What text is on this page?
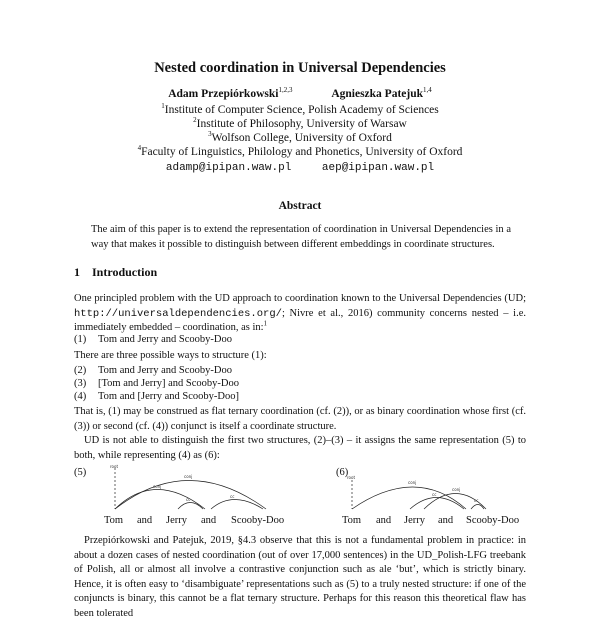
Nested coordination in Universal Dependencies
Adam Przepiórkowski$^{1,2,3}$	Agnieszka Patejuk$^{1,4}$
$^1$Institute of Computer Science, Polish Academy of Sciences
$^2$Institute of Philosophy, University of Warsaw
$^3$Wolfson College, University of Oxford
$^4$Faculty of Linguistics, Philology and Phonetics, University of Oxford
adamp@ipipan.waw.pl	aep@ipipan.waw.pl
Abstract
The aim of this paper is to extend the representation of coordination in Universal Dependencies in a way that makes it possible to distinguish between different embeddings in coordinate structures.
1 Introduction
One principled problem with the UD approach to coordination known to the Universal Dependencies (UD; http://universaldependencies.org/; Nivre et al., 2016) community concerns nested – i.e. immediately embedded – coordination, as in:$^1$
(1) Tom and Jerry and Scooby-Doo
There are three possible ways to structure (1):
(2) Tom and Jerry and Scooby-Doo
(3) [Tom and Jerry] and Scooby-Doo
(4) Tom and [Jerry and Scooby-Doo]
That is, (1) may be construed as flat ternary coordination (cf. (2)), or as binary coordination whose first (cf. (3)) or second (cf. (4)) conjunct is itself a coordinate structure.
UD is not able to distinguish the first two structures, (2)–(3) – it assigns the same representation (5) to both, while representing (4) as (6):
(5)
root
conj
conj
cc
cc
Tom and Jerry and Scooby-Doo
(6)
root
conj
cc
conj
cc
Tom and Jerry and Scooby-Doo
Przepiórkowski and Patejuk, 2019, §4.3 observe that this is not a fundamental problem in practice: in about a dozen cases of nested coordination (out of over 17,000 sentences) in the UD_Polish-LFG treebank of Polish, all or almost all involve a contrastive conjunction such as ale ‘but’, which is strictly binary. Hence, it is often easy to ‘disambiguate’ representations such as (5) to a truly nested structure: if one of the conjuncts is binary, this cannot be a flat ternary structure. Perhaps for this reason this theoretical flaw has been tolerated
